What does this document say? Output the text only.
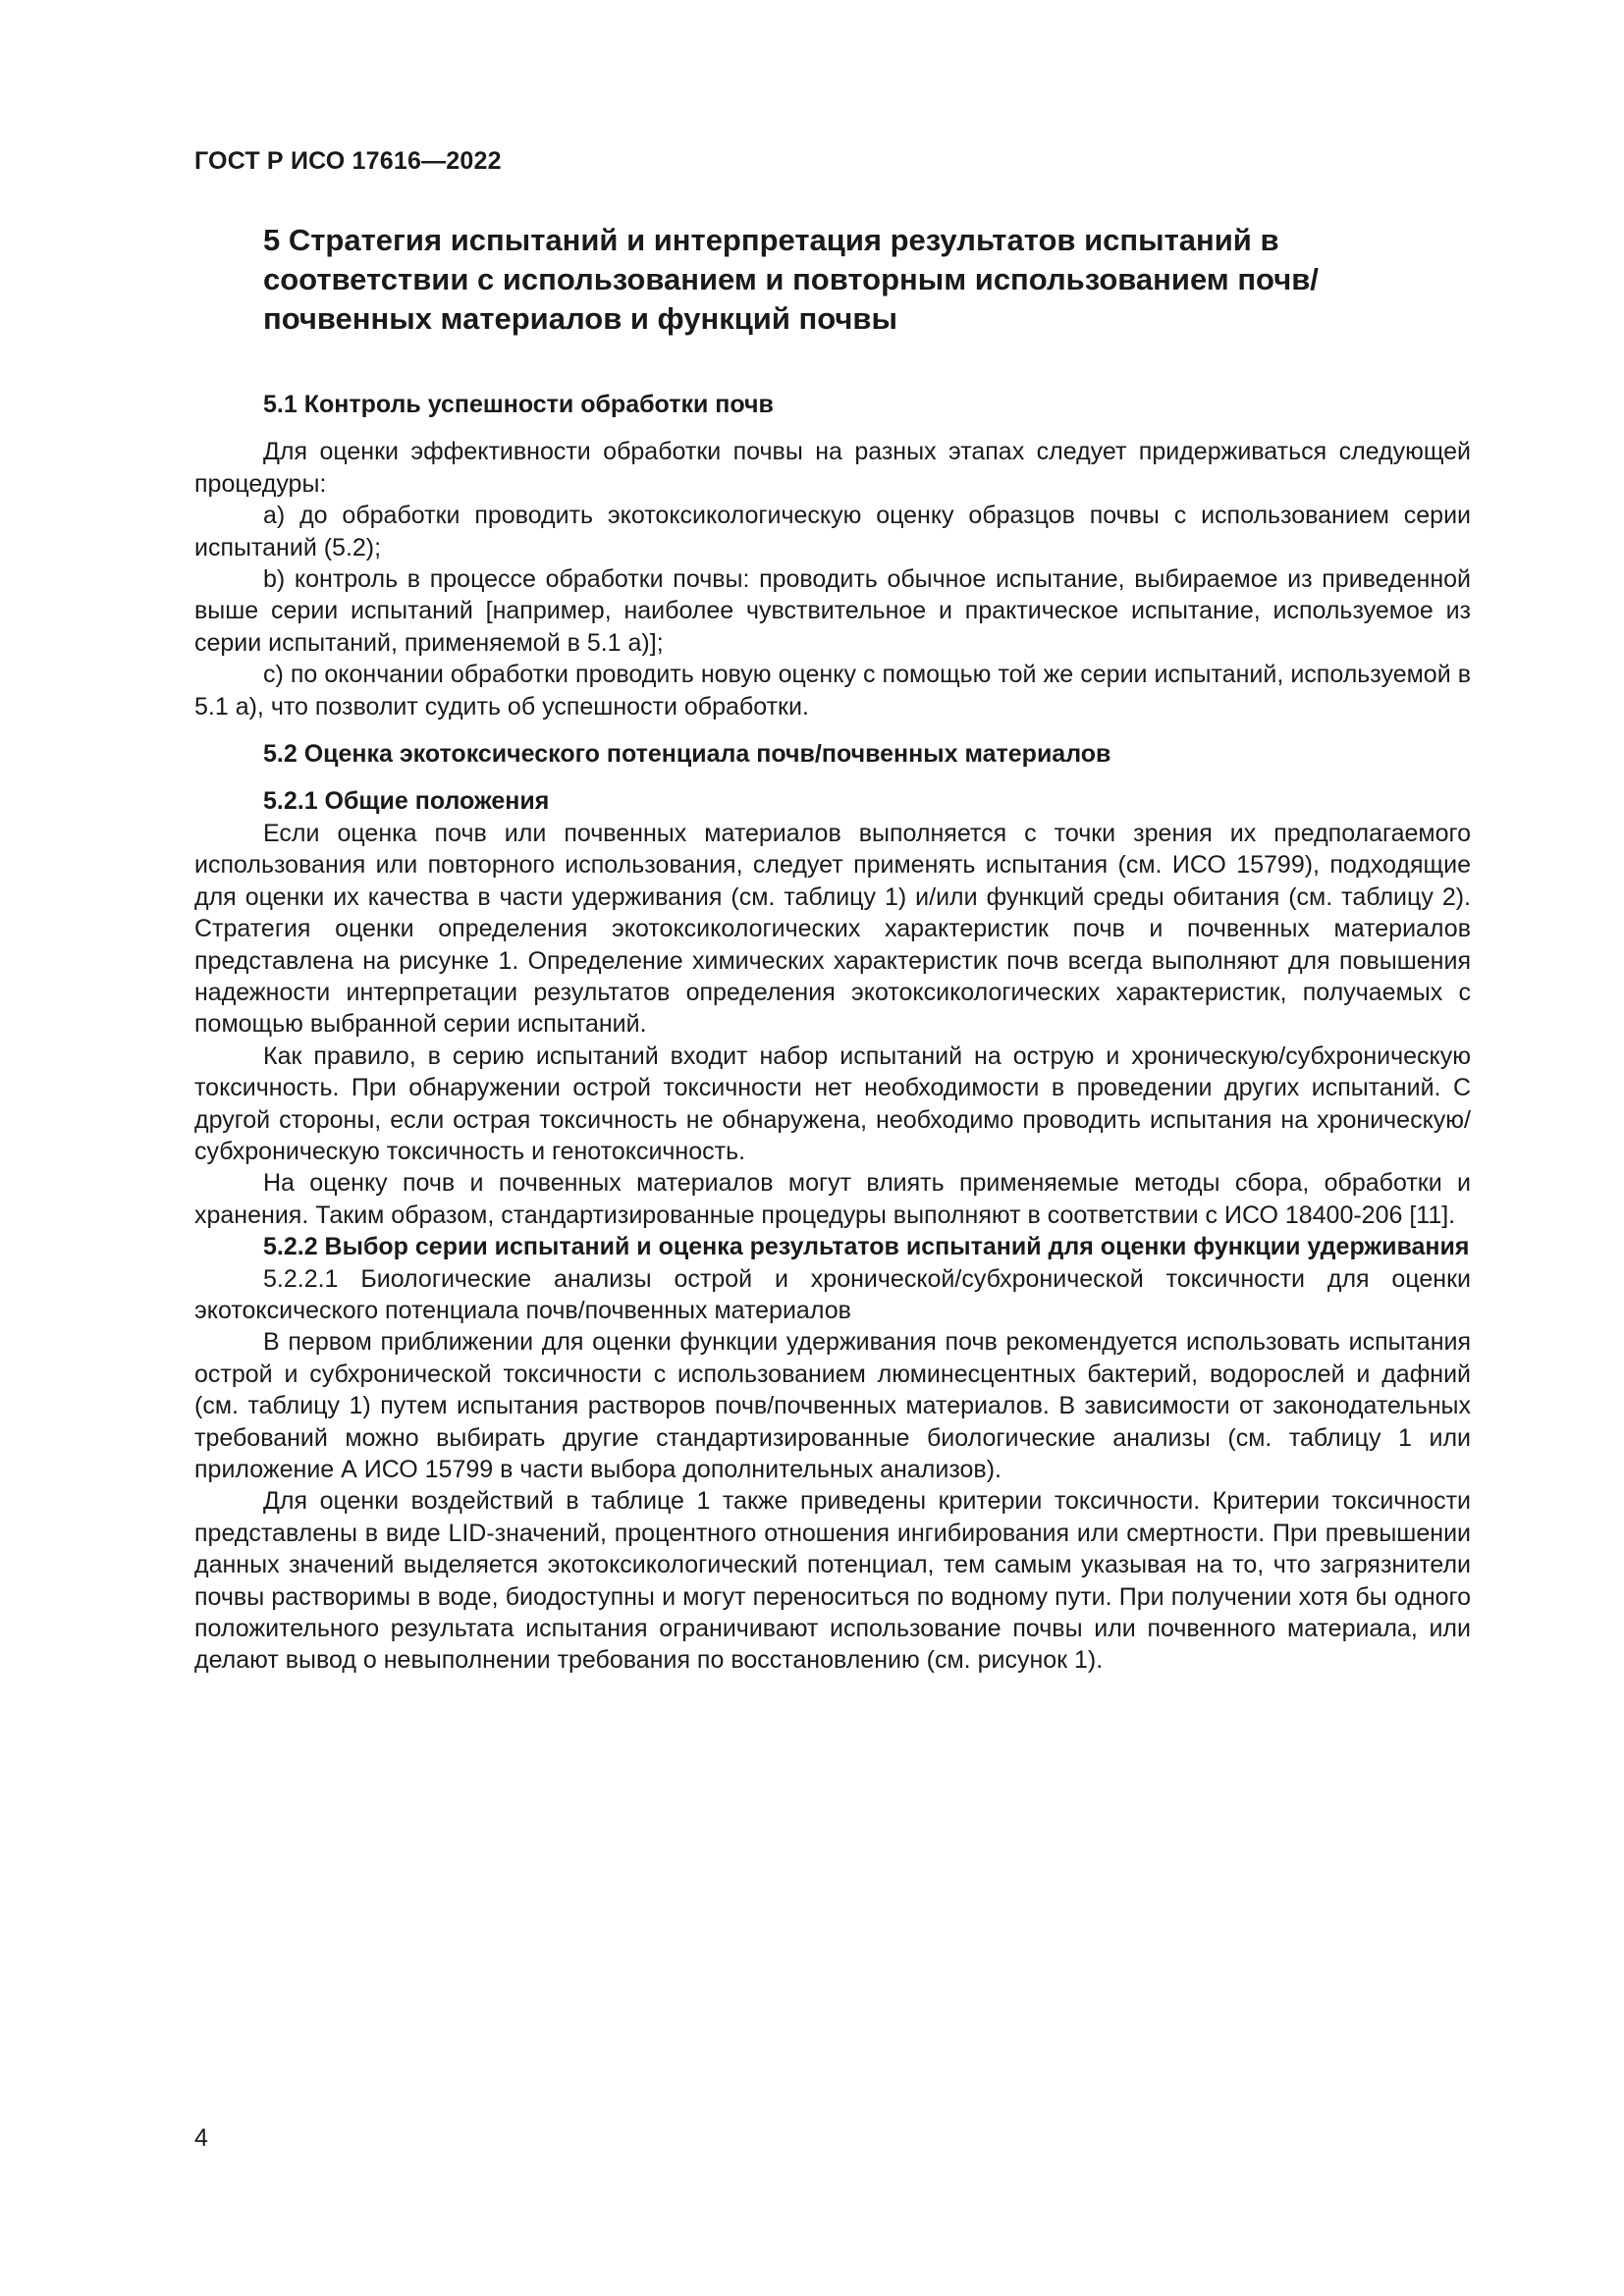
ГОСТ Р ИСО 17616—2022

5 Стратегия испытаний и интерпретация результатов испытаний в соответствии с использованием и повторным использованием почв/почвенных материалов и функций почвы

5.1 Контроль успешности обработки почв

Для оценки эффективности обработки почвы на разных этапах следует придерживаться следующей процедуры:

a) до обработки проводить экотоксикологическую оценку образцов почвы с использованием серии испытаний (5.2);

b) контроль в процессе обработки почвы: проводить обычное испытание, выбираемое из приведенной выше серии испытаний [например, наиболее чувствительное и практическое испытание, используемое из серии испытаний, применяемой в 5.1 а)];

c) по окончании обработки проводить новую оценку с помощью той же серии испытаний, используемой в 5.1 а), что позволит судить об успешности обработки.

5.2 Оценка экотоксического потенциала почв/почвенных материалов

5.2.1 Общие положения

Если оценка почв или почвенных материалов выполняется с точки зрения их предполагаемого использования или повторного использования, следует применять испытания (см. ИСО 15799), подходящие для оценки их качества в части удерживания (см. таблицу 1) и/или функций среды обитания (см. таблицу 2). Стратегия оценки определения экотоксикологических характеристик почв и почвенных материалов представлена на рисунке 1. Определение химических характеристик почв всегда выполняют для повышения надежности интерпретации результатов определения экотоксикологических характеристик, получаемых с помощью выбранной серии испытаний.

Как правило, в серию испытаний входит набор испытаний на острую и хроническую/субхроническую токсичность. При обнаружении острой токсичности нет необходимости в проведении других испытаний. С другой стороны, если острая токсичность не обнаружена, необходимо проводить испытания на хроническую/субхроническую токсичность и генотоксичность.

На оценку почв и почвенных материалов могут влиять применяемые методы сбора, обработки и хранения. Таким образом, стандартизированные процедуры выполняют в соответствии с ИСО 18400-206 [11].

5.2.2 Выбор серии испытаний и оценка результатов испытаний для оценки функции удерживания

5.2.2.1 Биологические анализы острой и хронической/субхронической токсичности для оценки экотоксического потенциала почв/почвенных материалов

В первом приближении для оценки функции удерживания почв рекомендуется использовать испытания острой и субхронической токсичности с использованием люминесцентных бактерий, водорослей и дафний (см. таблицу 1) путем испытания растворов почв/почвенных материалов. В зависимости от законодательных требований можно выбирать другие стандартизированные биологические анализы (см. таблицу 1 или приложение А ИСО 15799 в части выбора дополнительных анализов).

Для оценки воздействий в таблице 1 также приведены критерии токсичности. Критерии токсичности представлены в виде LID-значений, процентного отношения ингибирования или смертности. При превышении данных значений выделяется экотоксикологический потенциал, тем самым указывая на то, что загрязнители почвы растворимы в воде, биодоступны и могут переноситься по водному пути. При получении хотя бы одного положительного результата испытания ограничивают использование почвы или почвенного материала, или делают вывод о невыполнении требования по восстановлению (см. рисунок 1).

4
